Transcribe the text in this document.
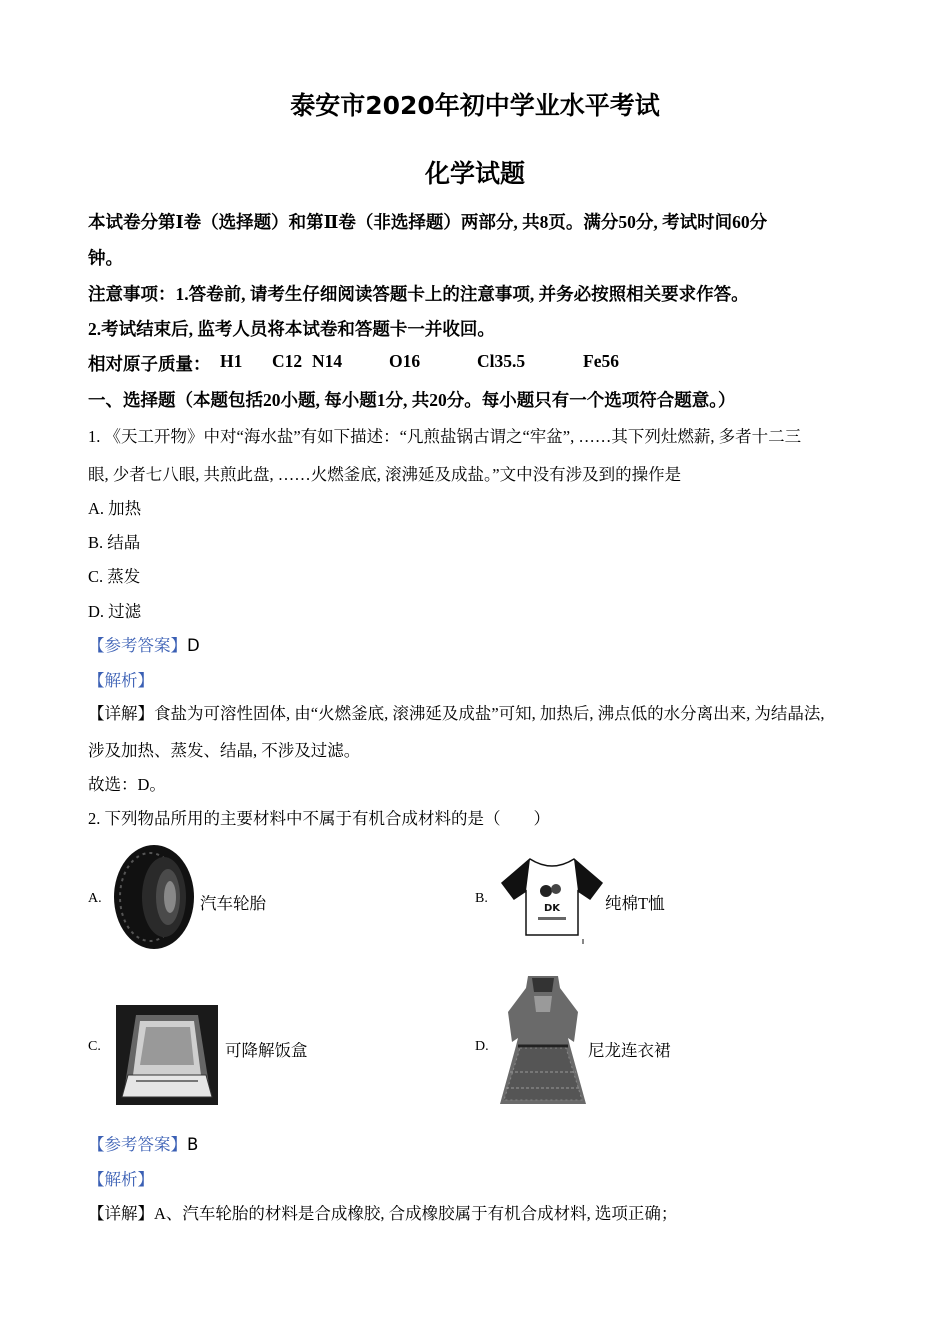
泰安市2020年初中学业水平考试
化学试题
本试卷分第Ⅰ卷（选择题）和第Ⅱ卷（非选择题）两部分, 共8页。满分50分, 考试时间60分
钟。
注意事项：1.答卷前, 请考生仔细阅读答题卡上的注意事项, 并务必按照相关要求作答。
2.考试结束后, 监考人员将本试卷和答题卡一并收回。
相对原子质量： H1 C12 N14	O16	Cl35.5	Fe56
一、选择题（本题包括20小题, 每小题1分, 共20分。每小题只有一个选项符合题意。）
1. 《天工开物》中对“海水盐”有如下描述：“凡煎盐锅古谓之“牢盆”, ……其下列灶燃薪, 多者十二三
眼, 少者七八眼, 共煎此盘, ……火燃釜底, 滚沸延及成盐。”文中没有涉及到的操作是
A. 加热
B. 结晶
C. 蒸发
D. 过滤
【参考答案】D
【解析】
【详解】食盐为可溶性固体, 由“火燃釜底, 滚沸延及成盐”可知, 加热后, 沸点低的水分离出来, 为结晶法,
涉及加热、蒸发、结晶, 不涉及过滤。
故选：D。
2. 下列物品所用的主要材料中不属于有机合成材料的是（　　）
A.	汽车轮胎	B.
DK	纯棉T恤
C.	可降解饭盒	D.	尼龙连衣裙
【参考答案】B
【解析】
【详解】A、汽车轮胎的材料是合成橡胶, 合成橡胶属于有机合成材料, 选项正确；
